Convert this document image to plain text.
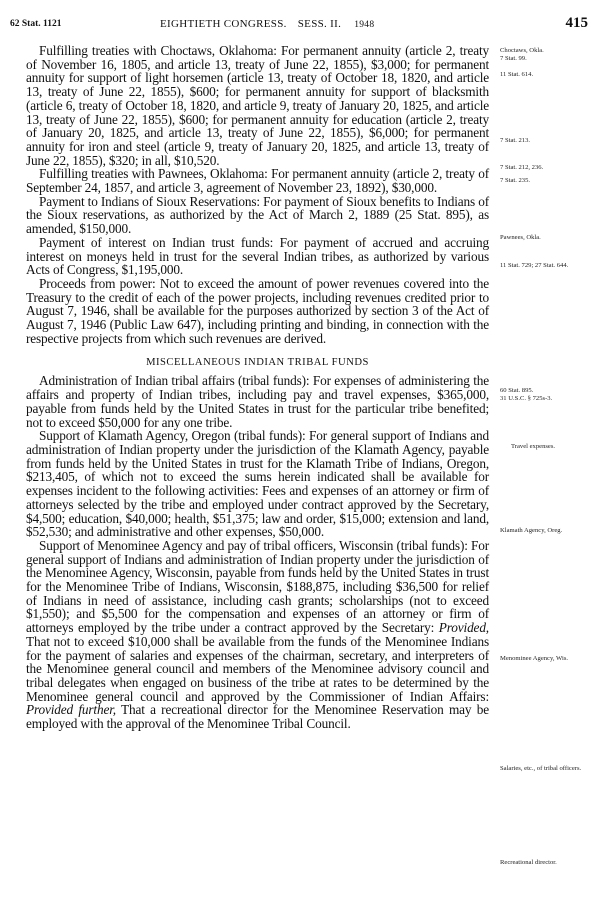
62 Stat. 1121	EIGHTIETH CONGRESS. SESS. II. 1948	415

Fulfilling treaties with Choctaws, Oklahoma: For permanent annuity (article 2, treaty of November 16, 1805, and article 13, treaty of June 22, 1855), $3,000; for permanent annuity for support of light horsemen (article 13, treaty of October 18, 1820, and article 13, treaty of June 22, 1855), $600; for permanent annuity for support of blacksmith (article 6, treaty of October 18, 1820, and article 9, treaty of January 20, 1825, and article 13, treaty of June 22, 1855), $600; for permanent annuity for education (article 2, treaty of January 20, 1825, and article 13, treaty of June 22, 1855), $6,000; for permanent annuity for iron and steel (article 9, treaty of January 20, 1825, and article 13, treaty of June 22, 1855), $320; in all, $10,520.

Fulfilling treaties with Pawnees, Oklahoma: For permanent annuity (article 2, treaty of September 24, 1857, and article 3, agreement of November 23, 1892), $30,000.

Payment to Indians of Sioux Reservations: For payment of Sioux benefits to Indians of the Sioux reservations, as authorized by the Act of March 2, 1889 (25 Stat. 895), as amended, $150,000.

Payment of interest on Indian trust funds: For payment of accrued and accruing interest on moneys held in trust for the several Indian tribes, as authorized by various Acts of Congress, $1,195,000.

Proceeds from power: Not to exceed the amount of power revenues covered into the Treasury to the credit of each of the power projects, including revenues credited prior to August 7, 1946, shall be available for the purposes authorized by section 3 of the Act of August 7, 1946 (Public Law 647), including printing and binding, in connection with the respective projects from which such revenues are derived.

MISCELLANEOUS INDIAN TRIBAL FUNDS

Administration of Indian tribal affairs (tribal funds): For expenses of administering the affairs and property of Indian tribes, including pay and travel expenses, $365,000, payable from funds held by the United States in trust for the particular tribe benefited; not to exceed $50,000 for any one tribe.

Support of Klamath Agency, Oregon (tribal funds): For general support of Indians and administration of Indian property under the jurisdiction of the Klamath Agency, payable from funds held by the United States in trust for the Klamath Tribe of Indians, Oregon, $213,405, of which not to exceed the sums herein indicated shall be available for expenses incident to the following activities: Fees and expenses of an attorney or firm of attorneys selected by the tribe and employed under contract approved by the Secretary, $4,500; education, $40,000; health, $51,375; law and order, $15,000; extension and land, $52,530; and administrative and other expenses, $50,000.

Support of Menominee Agency and pay of tribal officers, Wisconsin (tribal funds): For general support of Indians and administration of Indian property under the jurisdiction of the Menominee Agency, Wisconsin, payable from funds held by the United States in trust for the Menominee Tribe of Indians, Wisconsin, $188,875, including $36,500 for relief of Indians in need of assistance, including cash grants; scholarships (not to exceed $1,550); and $5,500 for the compensation and expenses of an attorney or firm of attorneys employed by the tribe under a contract approved by the Secretary: Provided, That not to exceed $10,000 shall be available from the funds of the Menominee Indians for the payment of salaries and expenses of the chairman, secretary, and interpreters of the Menominee general council and members of the Menominee advisory council and tribal delegates when engaged on business of the tribe at rates to be determined by the Menominee general council and approved by the Commissioner of Indian Affairs: Provided further, That a recreational director for the Menominee Reservation may be employed with the approval of the Menominee Tribal Council.

Choctaws, Okla.
7 Stat. 99.
11 Stat. 614.
7 Stat. 213.
7 Stat. 212, 236.
7 Stat. 235.
Pawnees, Okla.
11 Stat. 729; 27 Stat. 644.
60 Stat. 895.
31 U.S.C. § 725s-3.
Travel expenses.
Klamath Agency, Oreg.
Menominee Agency, Wis.
Salaries, etc., of tribal officers.
Recreational director.
